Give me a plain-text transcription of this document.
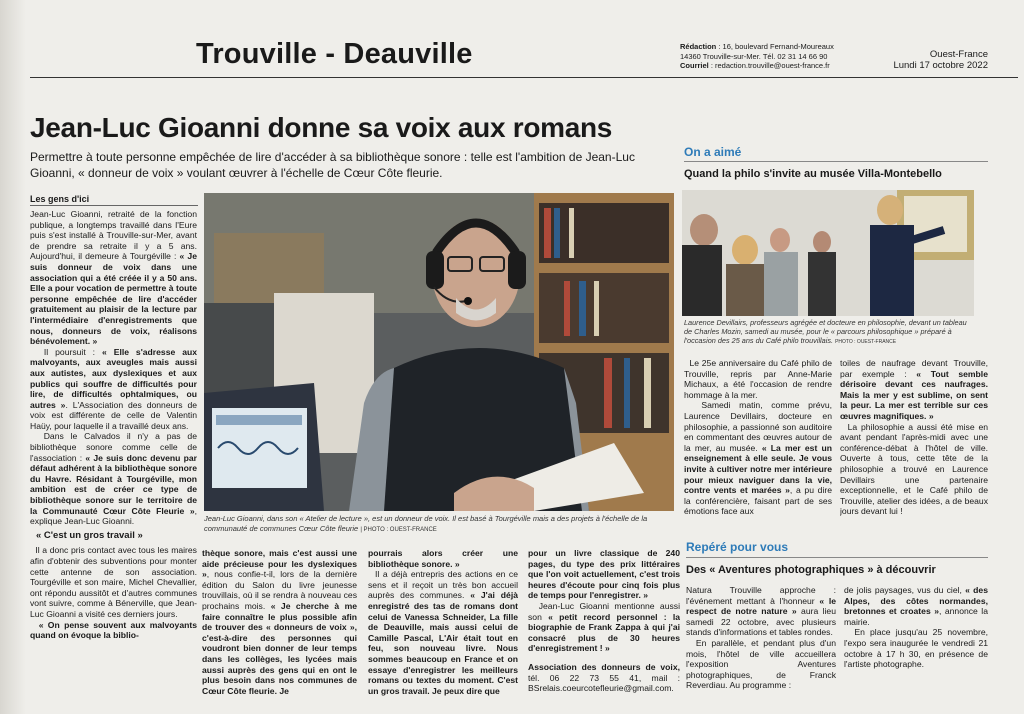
Trouville - Deauville	Rédaction : 16, boulevard Fernand-Moureaux
14360 Trouville-sur-Mer. Tél. 02 31 14 66 90
Courriel : redaction.trouville@ouest-france.fr
Ouest-France
Lundi 17 octobre 2022
Jean-Luc Gioanni donne sa voix aux romans
Permettre à toute personne empêchée de lire d'accéder à sa bibliothèque sonore : telle est l'ambition de Jean-Luc Gioanni, « donneur de voix » voulant œuvrer à l'échelle de Cœur Côte fleurie.
Les gens d'ici

Jean-Luc Gioanni, retraité de la fonction publique, a longtemps travaillé dans l'Eure puis s'est installé à Trouville-sur-Mer, avant de prendre sa retraite il y a 5 ans. Aujourd'hui, il demeure à Tourgéville : « Je suis donneur de voix dans une association qui a été créée il y a 50 ans. Elle a pour vocation de permettre à toute personne empêchée de lire d'accéder gratuitement au plaisir de la lecture par l'intermédiaire d'enregistrements que nous, donneurs de voix, réalisons bénévolement. »

Il poursuit : « Elle s'adresse aux malvoyants, aux aveugles mais aussi aux autistes, aux dyslexiques et aux publics qui souffre de difficultés pour lire, de difficultés ophtalmiques, ou autres ». L'Association des donneurs de voix est différente de celle de Valentin Haüy, pour laquelle il a travaillé deux ans.

Dans le Calvados il n'y a pas de bibliothèque sonore comme celle de l'association : « Je suis donc devenu par défaut adhérent à la bibliothèque sonore du Havre. Résidant à Tourgéville, mon ambition est de créer ce type de bibliothèque sonore sur le territoire de la Communauté Cœur Côte Fleurie », explique Jean-Luc Gioanni.

« C'est un gros travail »

Il a donc pris contact avec tous les maires afin d'obtenir des subventions pour monter cette antenne de son association. Tourgéville et son maire, Michel Chevallier, ont répondu aussitôt et d'autres communes vont suivre, comme à Bénerville, que Jean-Luc Gioanni a visité ces derniers jours.

« On pense souvent aux malvoyants quand on évoque la biblio-

Jean-Luc Gioanni, dans son « Atelier de lecture », est un donneur de voix. Il est basé à Tourgéville mais a des projets à l'échelle de la communauté de communes Cœur Côte fleurie | PHOTO : OUEST-FRANCE

thèque sonore, mais c'est aussi une aide précieuse pour les dyslexiques », nous confie-t-il, lors de la dernière édition du Salon du livre jeunesse trouvillais, où il se rendra à nouveau ces prochains mois. « Je cherche à me faire connaître le plus possible afin de trouver des « donneurs de voix », c'est-à-dire des personnes qui voudront bien donner de leur temps dans les collèges, les lycées mais aussi auprès des gens qui en ont le plus besoin dans nos communes de Cœur Côte fleurie. Je

pourrais alors créer une bibliothèque sonore. »

Il a déjà entrepris des actions en ce sens et il reçoit un très bon accueil auprès des communes. « J'ai déjà enregistré des tas de romans dont celui de Vanessa Schneider, La fille de Deauville, mais aussi celui de Camille Pascal, L'Air était tout en feu, son nouveau livre. Nous sommes beaucoup en France et on essaye d'enregistrer les meilleurs romans ou textes du moment. C'est un gros travail. Je peux dire que

pour un livre classique de 240 pages, du type des prix littéraires que l'on voit actuellement, c'est trois heures d'écoute pour cinq fois plus de temps pour l'enregistrer. »

Jean-Luc Gioanni mentionne aussi son « petit record personnel : la biographie de Frank Zappa à qui j'ai consacré plus de 30 heures d'enregistrement ! »

Association des donneurs de voix, tél. 06 22 73 55 41, mail : BSrelais.coeurcotefleurie@gmail.com.

On a aimé
Quand la philo s'invite au musée Villa-Montebello
Laurence Devillairs, professeurs agrégée et docteure en philosophie, devant un tableau de Charles Mozin, samedi au musée, pour le « parcours philosophique » préparé à l'occasion des 25 ans du Café philo trouvillais. PHOTO : OUEST-FRANCE

Le 25e anniversaire du Café philo de Trouville, repris par Anne-Marie Michaux, a été l'occasion de rendre hommage à la mer.

Samedi matin, comme prévu, Laurence Devillairs, docteure en philosophie, a passionné son auditoire en commentant des œuvres autour de la mer, au musée. « La mer est un enseignement à elle seule. Je vous invite à cultiver notre mer intérieure pour mieux naviguer dans la vie, contre vents et marées », a pu dire la conférencière, faisant part de ses émotions face aux

toiles de naufrage devant Trouville, par exemple : « Tout semble dérisoire devant ces naufrages. Mais la mer y est sublime, on sent la peur. La mer est terrible sur ces œuvres magnifiques. »

La philosophie a aussi été mise en avant pendant l'après-midi avec une conférence-débat à l'hôtel de ville. Ouverte à tous, cette tête de la philosophie a trouvé en Laurence Devillairs une partenaire exceptionnelle, et le Café philo de Trouville, atelier des idées, a de beaux jours devant lui !

Repéré pour vous
Des « Aventures photographiques » à découvrir

Natura Trouville approche : l'événement mettant à l'honneur « le respect de notre nature » aura lieu samedi 22 octobre, avec plusieurs stands d'informations et tables rondes.

En parallèle, et pendant plus d'un mois, l'hôtel de ville accueillera l'exposition Aventures photographiques, de Franck Reverdiau. Au programme :

de jolis paysages, vus du ciel, « des Alpes, des côtes normandes, bretonnes et croates », annonce la mairie.

En place jusqu'au 25 novembre, l'expo sera inaugurée le vendredi 21 octobre à 17 h 30, en présence de l'artiste photographe.
